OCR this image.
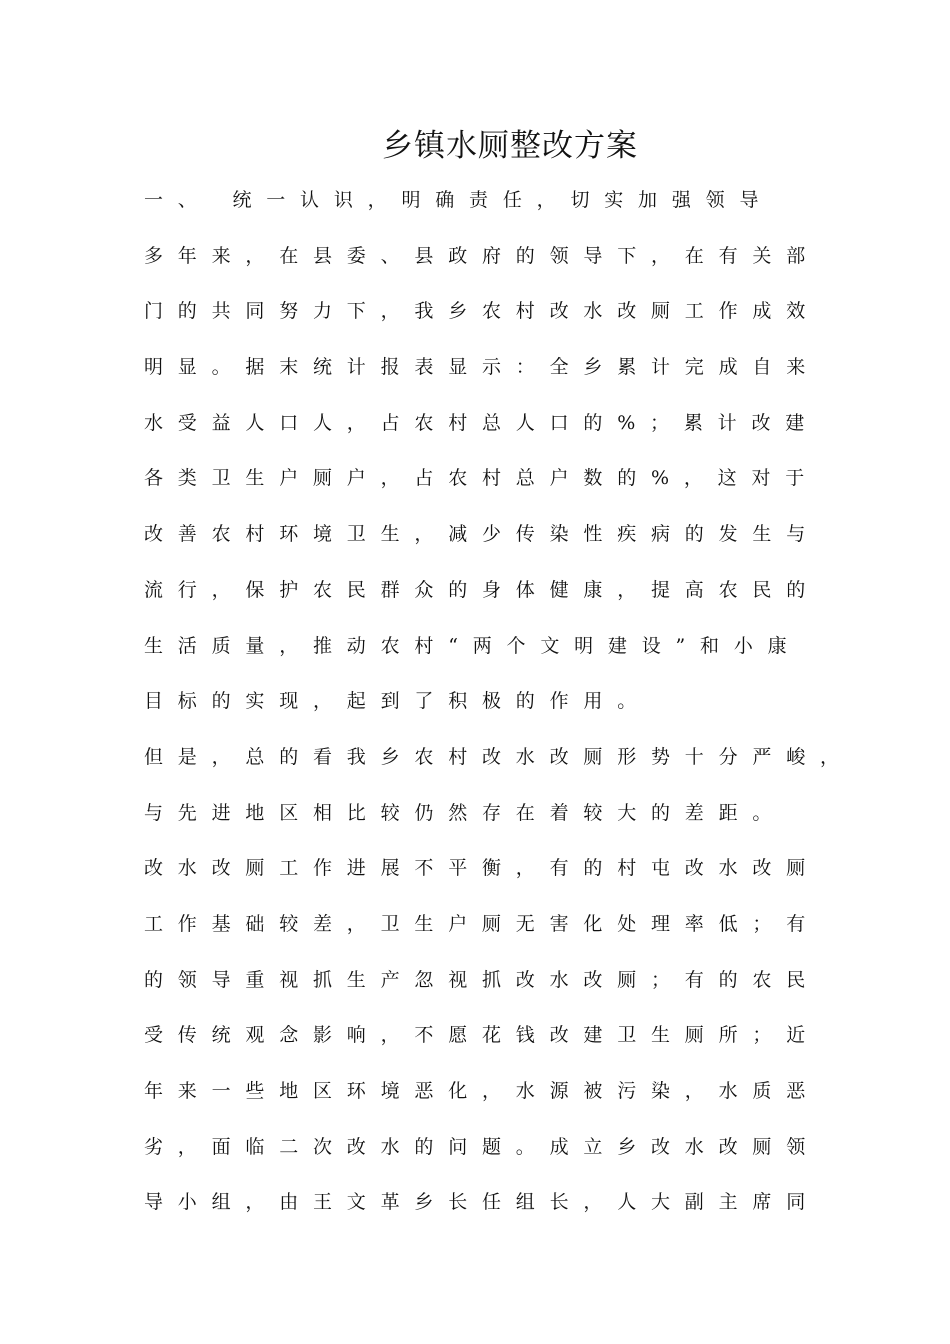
乡镇水厕整改方案
一、 统一认识，明确责任，切实加强领导
多年来，在县委、县政府的领导下，在有关部
门的共同努力下，我乡农村改水改厕工作成效
明显。据末统计报表显示：全乡累计完成自来
水受益人口人，占农村总人口的%；累计改建
各类卫生户厕户，占农村总户数的%，这对于
改善农村环境卫生，减少传染性疾病的发生与
流行，保护农民群众的身体健康，提高农民的
生活质量，推动农村“两个文明建设”和小康
目标的实现，起到了积极的作用。
但是，总的看我乡农村改水改厕形势十分严峻，
与先进地区相比较仍然存在着较大的差距。
改水改厕工作进展不平衡，有的村屯改水改厕
工作基础较差，卫生户厕无害化处理率低；有
的领导重视抓生产忽视抓改水改厕；有的农民
受传统观念影响，不愿花钱改建卫生厕所；近
年来一些地区环境恶化，水源被污染，水质恶
劣，面临二次改水的问题。成立乡改水改厕领
导小组，由王文革乡长任组长，人大副主席同
